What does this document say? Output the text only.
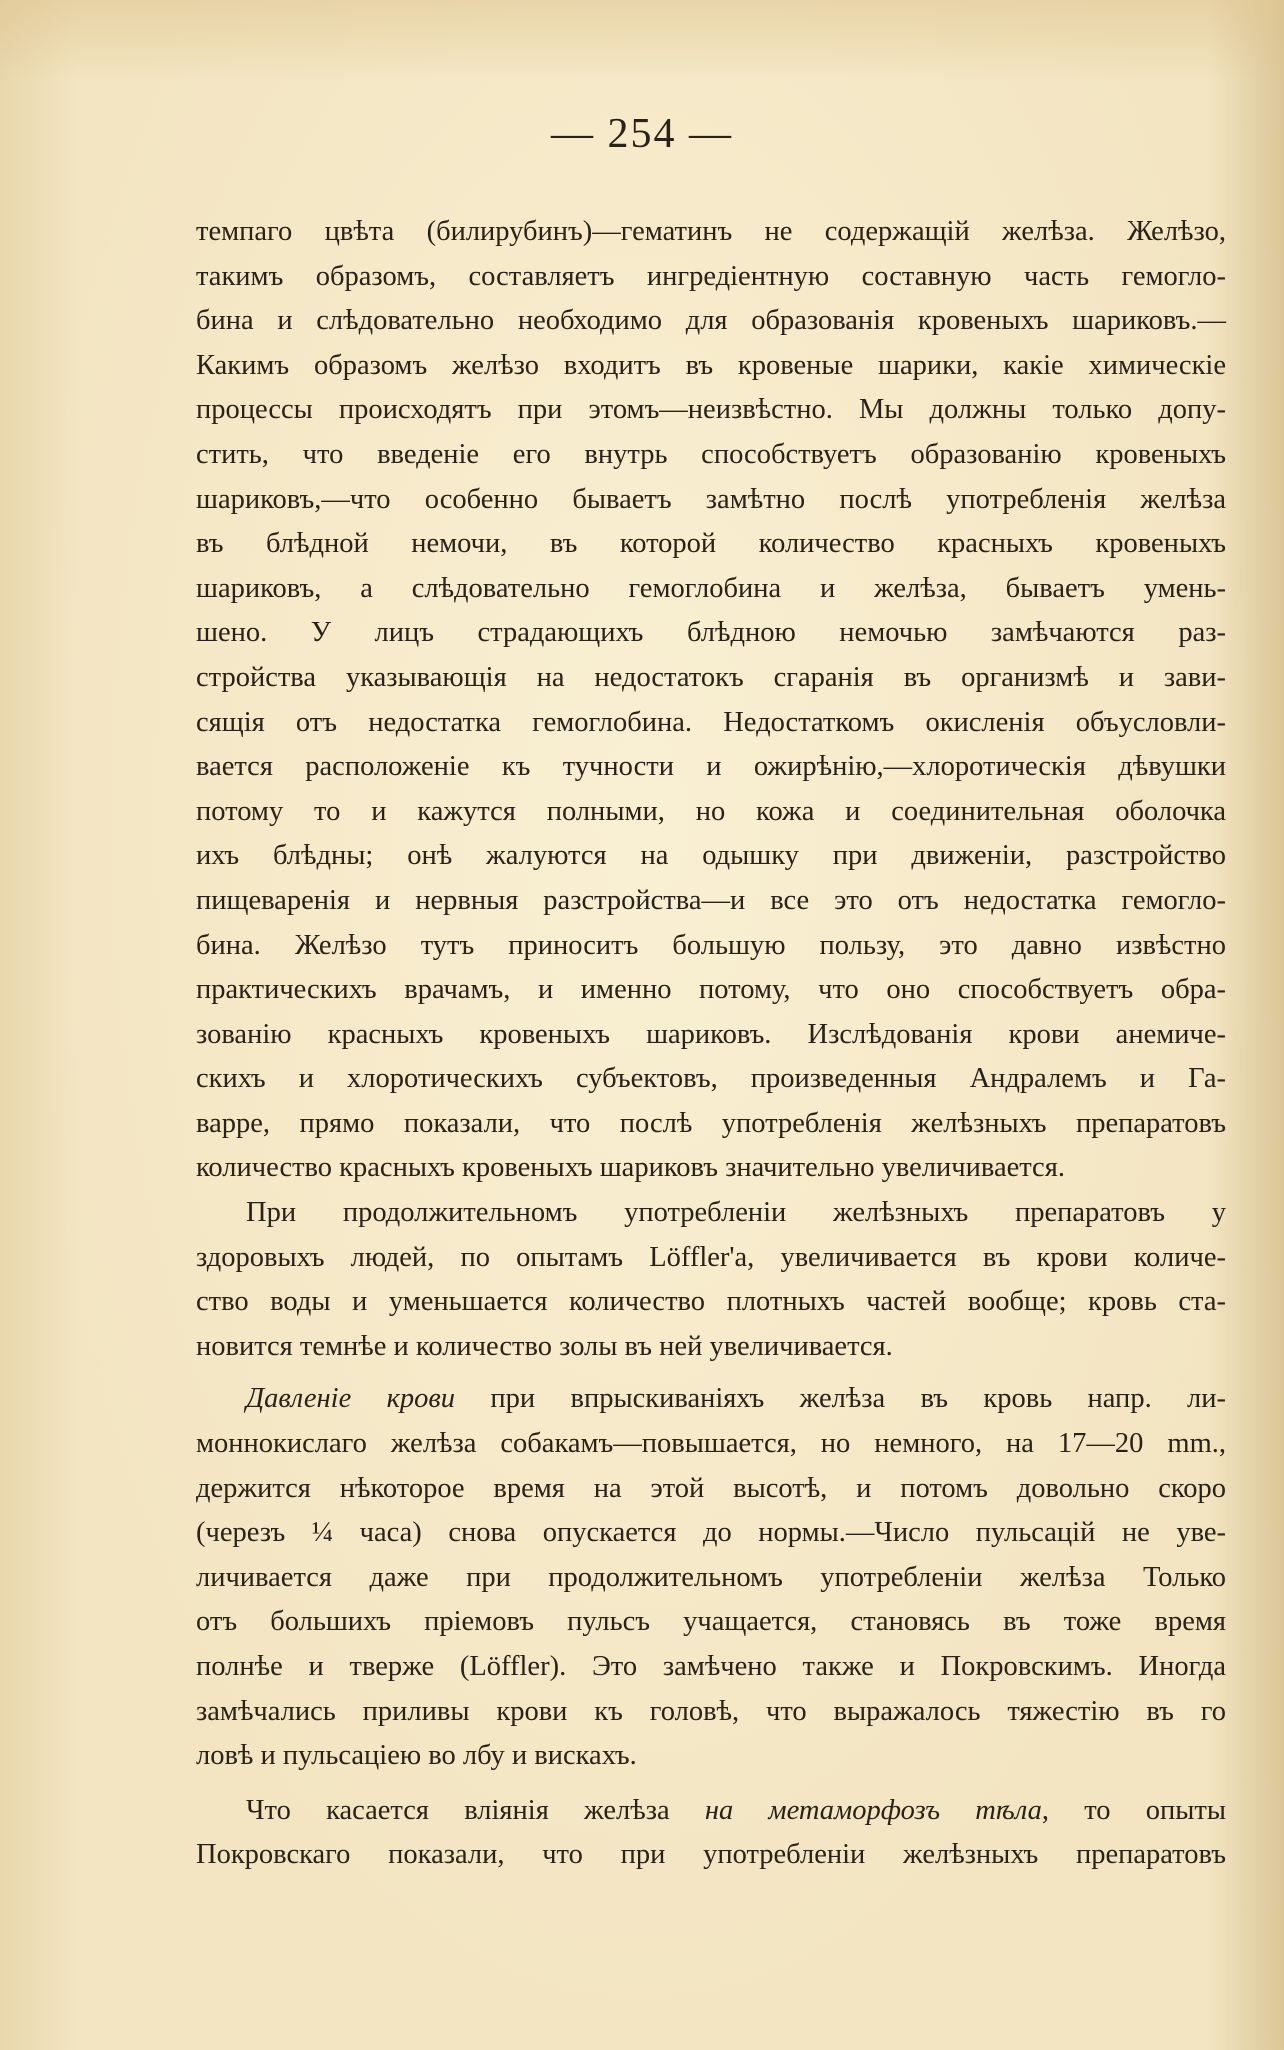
— 254 —

темпаго цвѣта (билирубинъ)—гематинъ не содержащій желѣза. Желѣзо,
такимъ образомъ, составляетъ ингредіентную составную часть гемогло-
бина и слѣдовательно необходимо для образованія кровеныхъ шариковъ.—
Какимъ образомъ желѣзо входитъ въ кровеные шарики, какіе химическіе
процессы происходятъ при этомъ—неизвѣстно. Мы должны только допу-
стить, что введеніе его внутрь способствуетъ образованію кровеныхъ
шариковъ,—что особенно бываетъ замѣтно послѣ употребленія желѣза
въ блѣдной немочи, въ которой количество красныхъ кровеныхъ
шариковъ, а слѣдовательно гемоглобина и желѣза, бываетъ умень-
шено. У лицъ страдающихъ блѣдною немочью замѣчаются раз-
стройства указывающія на недостатокъ сгаранія въ организмѣ и зави-
сящія отъ недостатка гемоглобина. Недостаткомъ окисленія объусловли-
вается расположеніе къ тучности и ожирѣнію,—хлоротическія дѣвушки
потому то и кажутся полными, но кожа и соединительная оболочка
ихъ блѣдны; онѣ жалуются на одышку при движеніи, разстройство
пищеваренія и нервныя разстройства—и все это отъ недостатка гемогло-
бина. Желѣзо тутъ приноситъ большую пользу, это давно извѣстно
практическихъ врачамъ, и именно потому, что оно способствуетъ обра-
зованію красныхъ кровеныхъ шариковъ. Изслѣдованія крови анемиче-
скихъ и хлоротическихъ субъектовъ, произведенныя Андралемъ и Га-
варре, прямо показали, что послѣ употребленія желѣзныхъ препаратовъ
количество красныхъ кровеныхъ шариковъ значительно увеличивается.

При продолжительномъ употребленіи желѣзныхъ препаратовъ у
здоровыхъ людей, по опытамъ Löffler'а, увеличивается въ крови количе-
ство воды и уменьшается количество плотныхъ частей вообще; кровь ста-
новится темнѣе и количество золы въ ней увеличивается.

Давленіе крови при впрыскиваніяхъ желѣза въ кровь напр. ли-
моннокислаго желѣза собакамъ—повышается, но немного, на 17—20 mm.,
держится нѣкоторое время на этой высотѣ, и потомъ довольно скоро
(черезъ ¼ часа) снова опускается до нормы.—Число пульсацій не уве-
личивается даже при продолжительномъ употребленіи желѣза Только
отъ большихъ пріемовъ пульсъ учащается, становясь въ тоже время
полнѣе и тверже (Löffler). Это замѣчено также и Покровскимъ. Иногда
замѣчались приливы крови къ головѣ, что выражалось тяжестію въ го
ловѣ и пульсаціею во лбу и вискахъ.

Что касается вліянія желѣза на метаморфозъ тѣла, то опыты
Покровскаго показали, что при употребленіи желѣзныхъ препаратовъ
